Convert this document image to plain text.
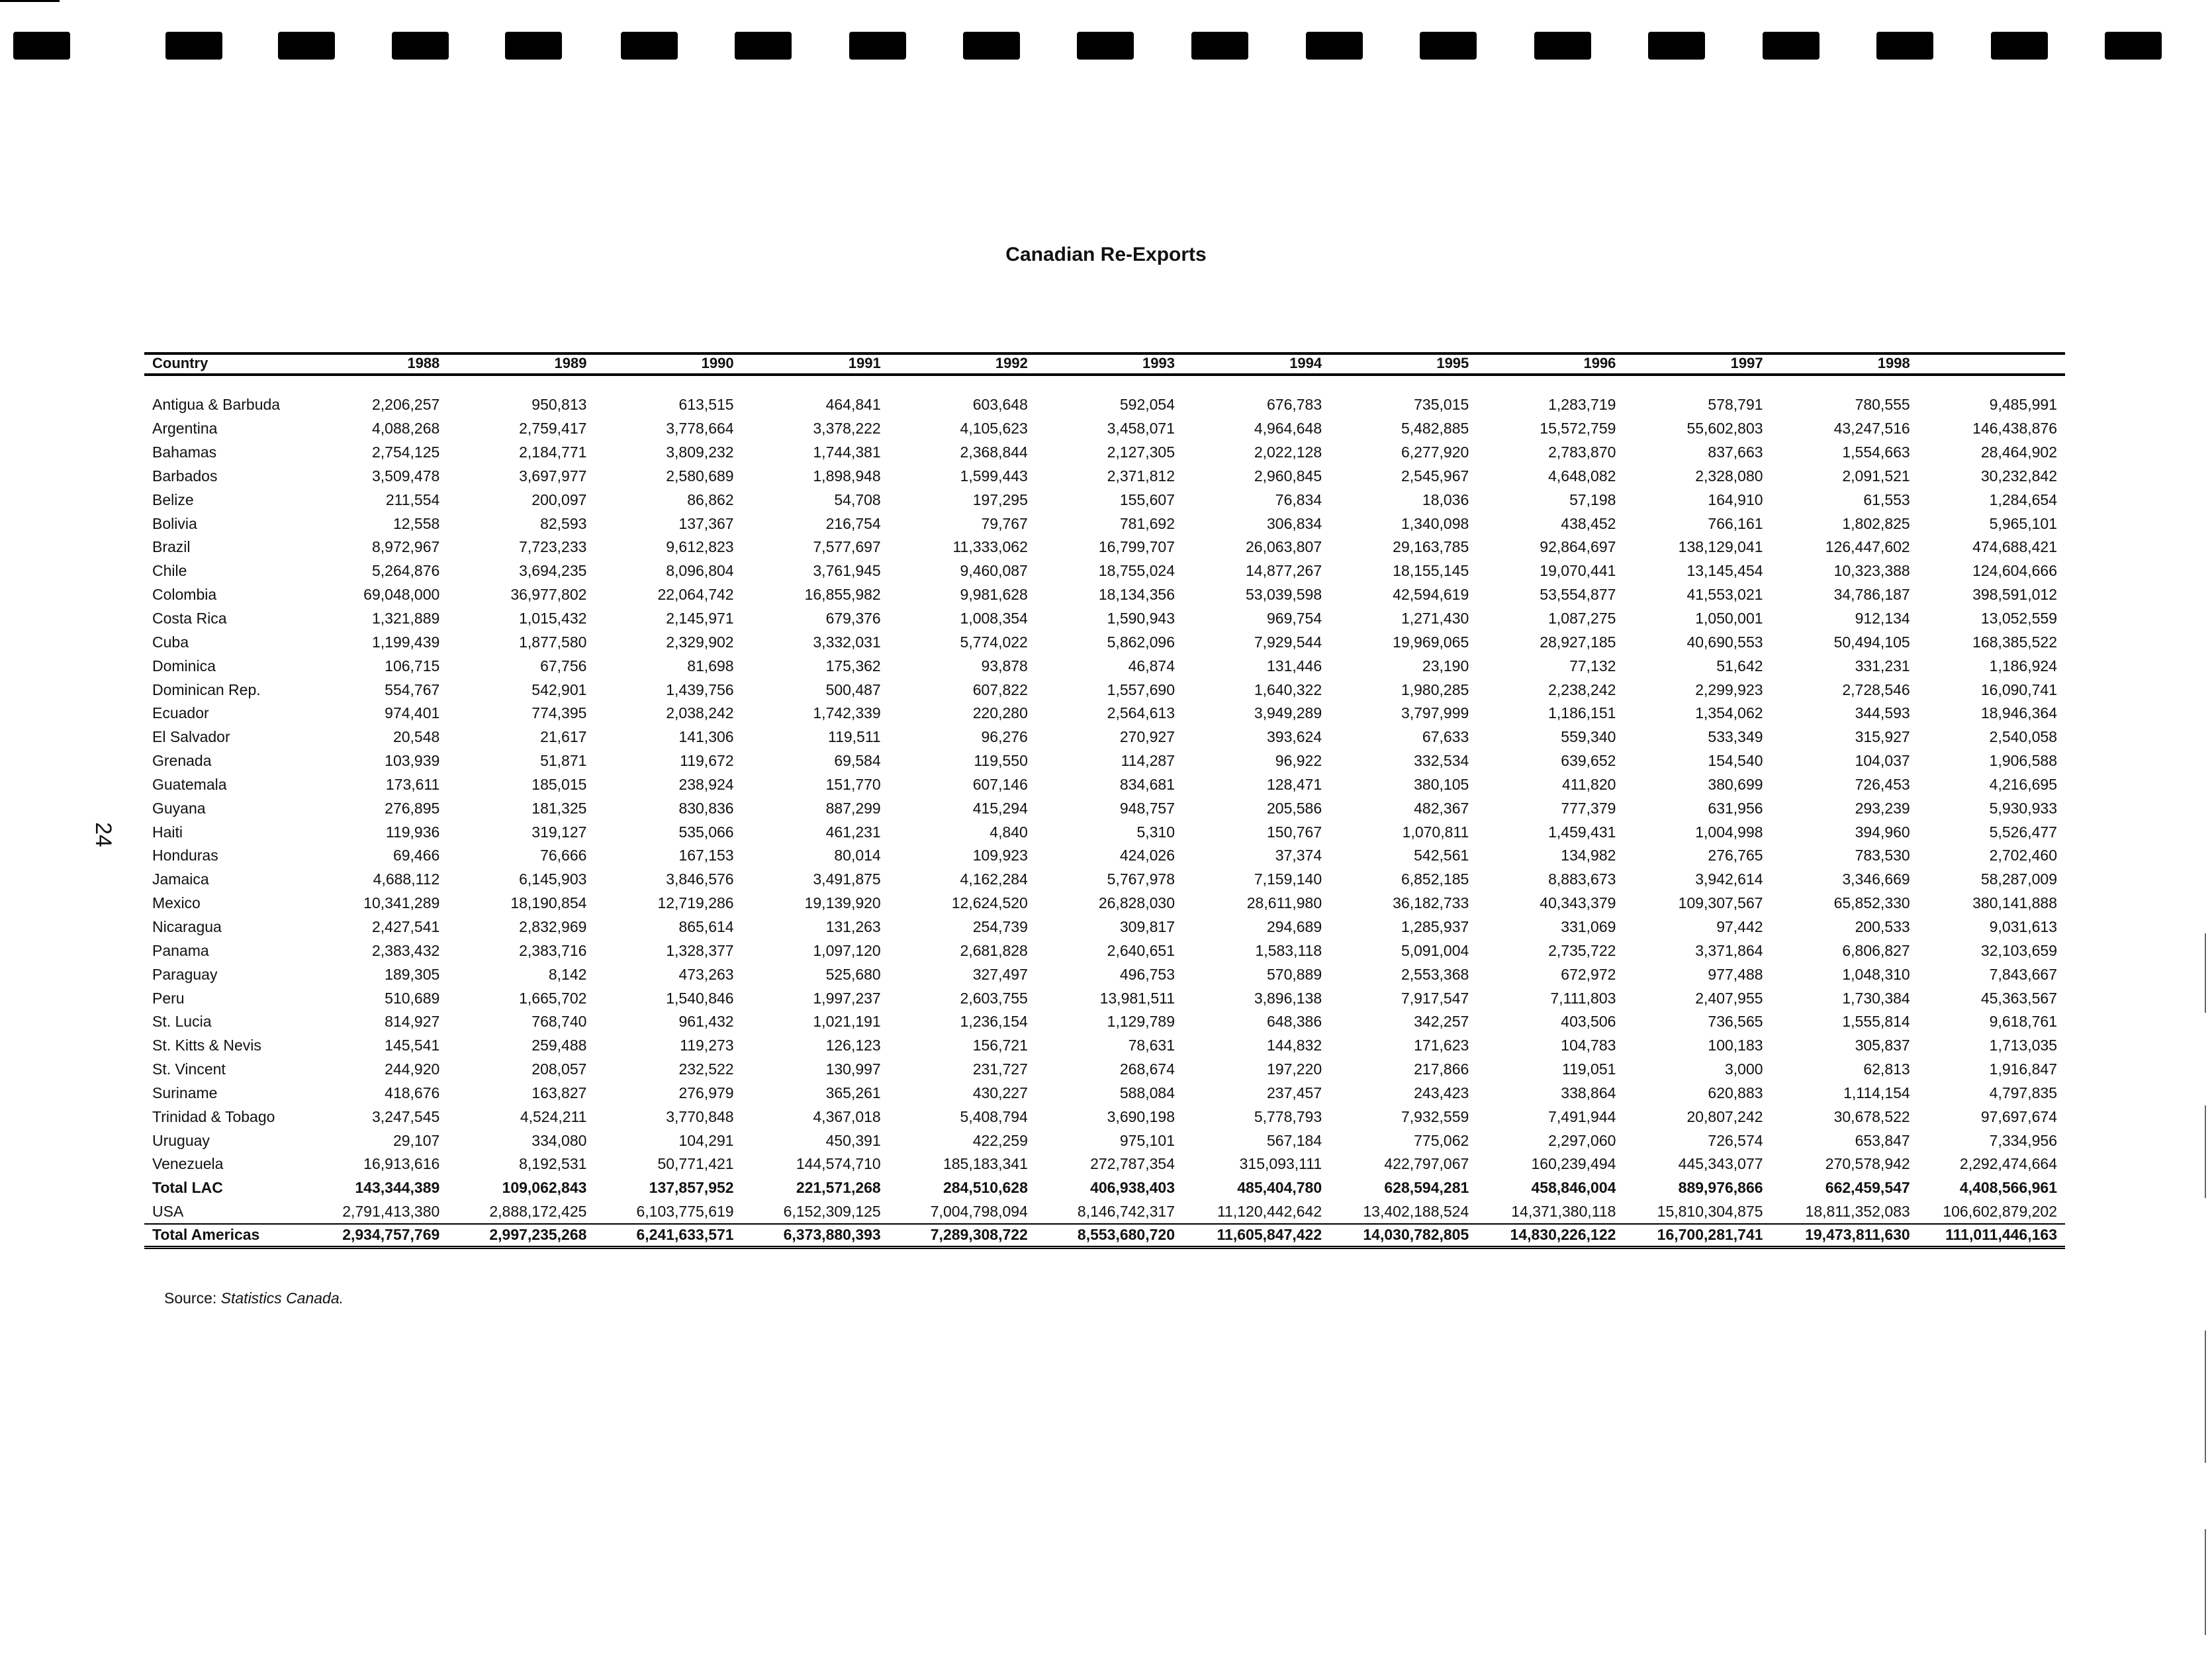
24
Canadian Re-Exports
Country	1988	1989	1990	1991	1992	1993	1994	1995	1996	1997	1998	

Antigua & Barbuda	2,206,257	950,813	613,515	464,841	603,648	592,054	676,783	735,015	1,283,719	578,791	780,555	9,485,991
Argentina	4,088,268	2,759,417	3,778,664	3,378,222	4,105,623	3,458,071	4,964,648	5,482,885	15,572,759	55,602,803	43,247,516	146,438,876
Bahamas	2,754,125	2,184,771	3,809,232	1,744,381	2,368,844	2,127,305	2,022,128	6,277,920	2,783,870	837,663	1,554,663	28,464,902
Barbados	3,509,478	3,697,977	2,580,689	1,898,948	1,599,443	2,371,812	2,960,845	2,545,967	4,648,082	2,328,080	2,091,521	30,232,842
Belize	211,554	200,097	86,862	54,708	197,295	155,607	76,834	18,036	57,198	164,910	61,553	1,284,654
Bolivia	12,558	82,593	137,367	216,754	79,767	781,692	306,834	1,340,098	438,452	766,161	1,802,825	5,965,101
Brazil	8,972,967	7,723,233	9,612,823	7,577,697	11,333,062	16,799,707	26,063,807	29,163,785	92,864,697	138,129,041	126,447,602	474,688,421
Chile	5,264,876	3,694,235	8,096,804	3,761,945	9,460,087	18,755,024	14,877,267	18,155,145	19,070,441	13,145,454	10,323,388	124,604,666
Colombia	69,048,000	36,977,802	22,064,742	16,855,982	9,981,628	18,134,356	53,039,598	42,594,619	53,554,877	41,553,021	34,786,187	398,591,012
Costa Rica	1,321,889	1,015,432	2,145,971	679,376	1,008,354	1,590,943	969,754	1,271,430	1,087,275	1,050,001	912,134	13,052,559
Cuba	1,199,439	1,877,580	2,329,902	3,332,031	5,774,022	5,862,096	7,929,544	19,969,065	28,927,185	40,690,553	50,494,105	168,385,522
Dominica	106,715	67,756	81,698	175,362	93,878	46,874	131,446	23,190	77,132	51,642	331,231	1,186,924
Dominican Rep.	554,767	542,901	1,439,756	500,487	607,822	1,557,690	1,640,322	1,980,285	2,238,242	2,299,923	2,728,546	16,090,741
Ecuador	974,401	774,395	2,038,242	1,742,339	220,280	2,564,613	3,949,289	3,797,999	1,186,151	1,354,062	344,593	18,946,364
El Salvador	20,548	21,617	141,306	119,511	96,276	270,927	393,624	67,633	559,340	533,349	315,927	2,540,058
Grenada	103,939	51,871	119,672	69,584	119,550	114,287	96,922	332,534	639,652	154,540	104,037	1,906,588
Guatemala	173,611	185,015	238,924	151,770	607,146	834,681	128,471	380,105	411,820	380,699	726,453	4,216,695
Guyana	276,895	181,325	830,836	887,299	415,294	948,757	205,586	482,367	777,379	631,956	293,239	5,930,933
Haiti	119,936	319,127	535,066	461,231	4,840	5,310	150,767	1,070,811	1,459,431	1,004,998	394,960	5,526,477
Honduras	69,466	76,666	167,153	80,014	109,923	424,026	37,374	542,561	134,982	276,765	783,530	2,702,460
Jamaica	4,688,112	6,145,903	3,846,576	3,491,875	4,162,284	5,767,978	7,159,140	6,852,185	8,883,673	3,942,614	3,346,669	58,287,009
Mexico	10,341,289	18,190,854	12,719,286	19,139,920	12,624,520	26,828,030	28,611,980	36,182,733	40,343,379	109,307,567	65,852,330	380,141,888
Nicaragua	2,427,541	2,832,969	865,614	131,263	254,739	309,817	294,689	1,285,937	331,069	97,442	200,533	9,031,613
Panama	2,383,432	2,383,716	1,328,377	1,097,120	2,681,828	2,640,651	1,583,118	5,091,004	2,735,722	3,371,864	6,806,827	32,103,659
Paraguay	189,305	8,142	473,263	525,680	327,497	496,753	570,889	2,553,368	672,972	977,488	1,048,310	7,843,667
Peru	510,689	1,665,702	1,540,846	1,997,237	2,603,755	13,981,511	3,896,138	7,917,547	7,111,803	2,407,955	1,730,384	45,363,567
St. Lucia	814,927	768,740	961,432	1,021,191	1,236,154	1,129,789	648,386	342,257	403,506	736,565	1,555,814	9,618,761
St. Kitts & Nevis	145,541	259,488	119,273	126,123	156,721	78,631	144,832	171,623	104,783	100,183	305,837	1,713,035
St. Vincent	244,920	208,057	232,522	130,997	231,727	268,674	197,220	217,866	119,051	3,000	62,813	1,916,847
Suriname	418,676	163,827	276,979	365,261	430,227	588,084	237,457	243,423	338,864	620,883	1,114,154	4,797,835
Trinidad & Tobago	3,247,545	4,524,211	3,770,848	4,367,018	5,408,794	3,690,198	5,778,793	7,932,559	7,491,944	20,807,242	30,678,522	97,697,674
Uruguay	29,107	334,080	104,291	450,391	422,259	975,101	567,184	775,062	2,297,060	726,574	653,847	7,334,956
Venezuela	16,913,616	8,192,531	50,771,421	144,574,710	185,183,341	272,787,354	315,093,111	422,797,067	160,239,494	445,343,077	270,578,942	2,292,474,664
Total LAC	143,344,389	109,062,843	137,857,952	221,571,268	284,510,628	406,938,403	485,404,780	628,594,281	458,846,004	889,976,866	662,459,547	4,408,566,961
USA	2,791,413,380	2,888,172,425	6,103,775,619	6,152,309,125	7,004,798,094	8,146,742,317	11,120,442,642	13,402,188,524	14,371,380,118	15,810,304,875	18,811,352,083	106,602,879,202
Total Americas	2,934,757,769	2,997,235,268	6,241,633,571	6,373,880,393	7,289,308,722	8,553,680,720	11,605,847,422	14,030,782,805	14,830,226,122	16,700,281,741	19,473,811,630	111,011,446,163
Source: Statistics Canada.
